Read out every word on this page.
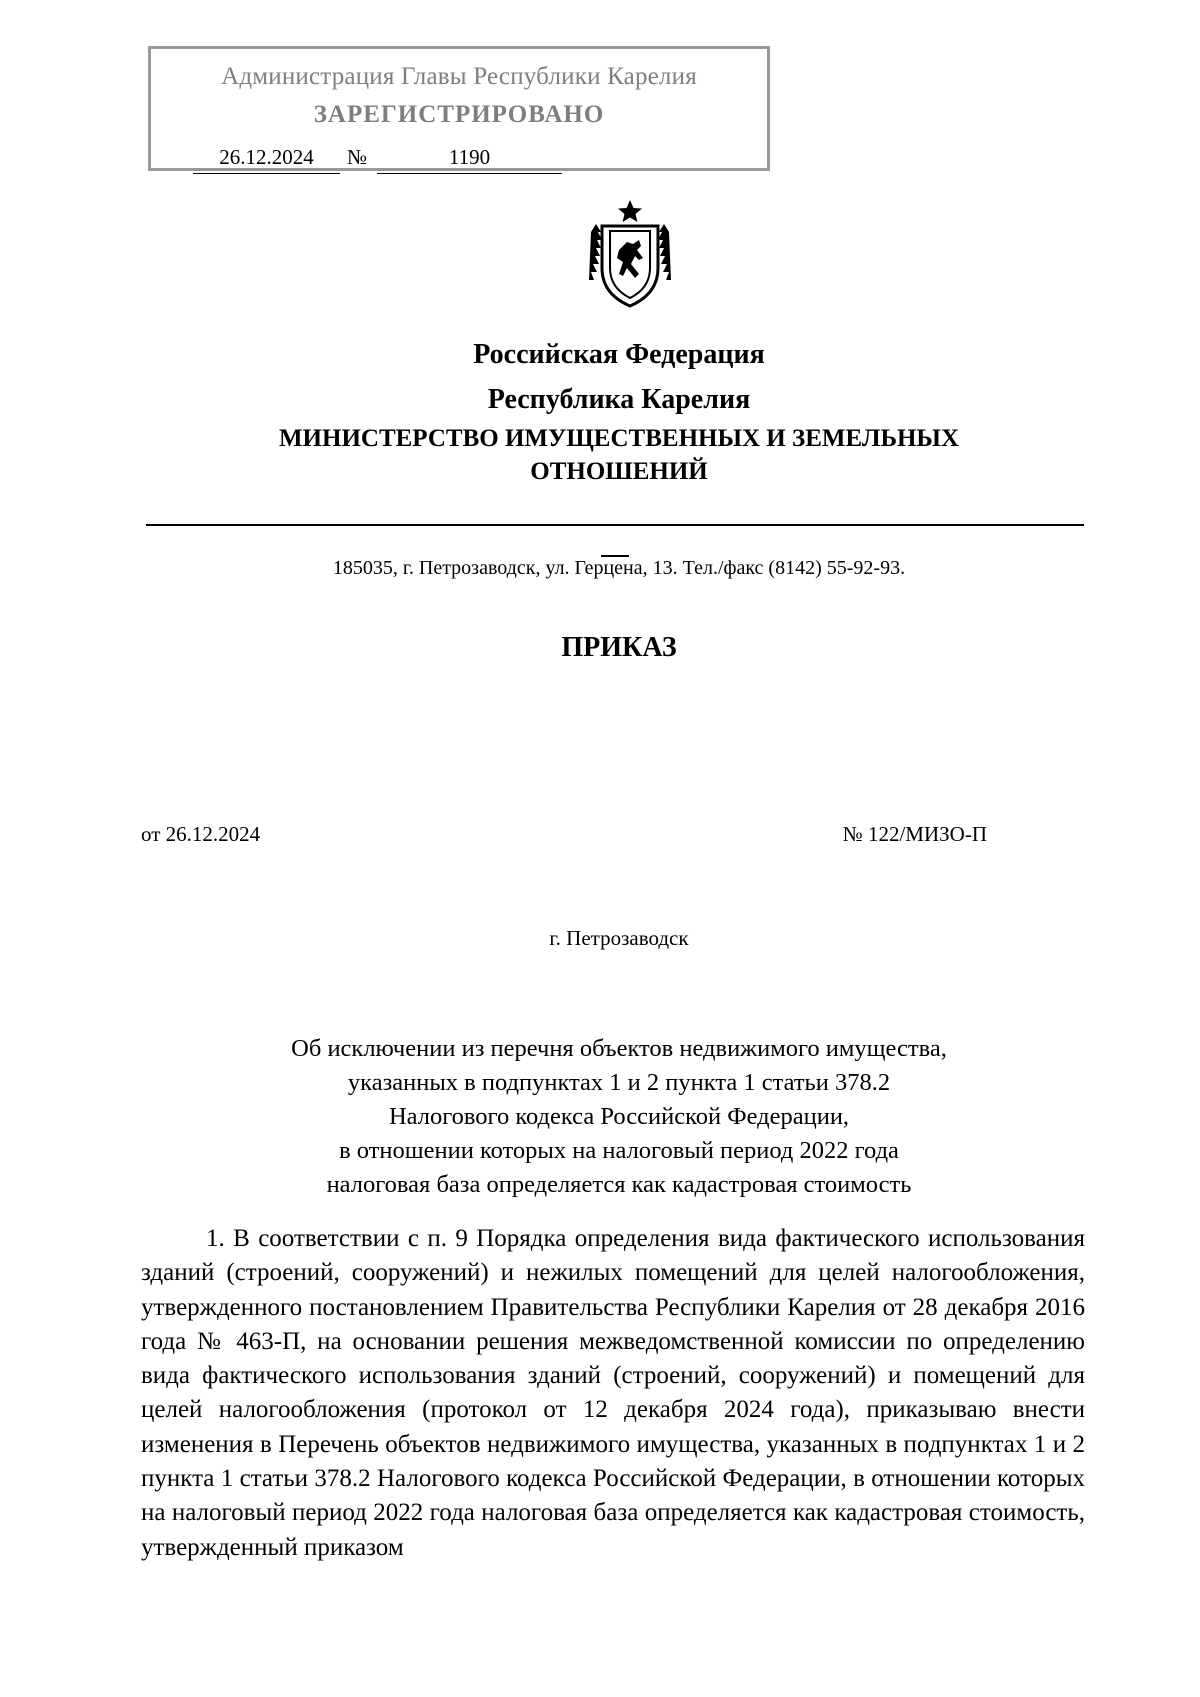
Администрация Главы Республики Карелия
ЗАРЕГИСТРИРОВАНО
26.12.2024	№	1190
Российская Федерация
Республика Карелия
МИНИСТЕРСТВО ИМУЩЕСТВЕННЫХ И ЗЕМЕЛЬНЫХ
ОТНОШЕНИЙ
185035, г. Петрозаводск, ул. Герцена, 13. Тел./факс (8142) 55-92-93.
ПРИКАЗ
от 26.12.2024	№ 122/МИЗО-П
г. Петрозаводск
Об исключении из перечня объектов недвижимого имущества,
указанных в подпунктах 1 и 2 пункта 1 статьи 378.2
Налогового кодекса Российской Федерации,
в отношении которых на налоговый период 2022 года
налоговая база определяется как кадастровая стоимость

1. В соответствии с п. 9 Порядка определения вида фактического использования зданий (строений, сооружений) и нежилых помещений для целей налогообложения, утвержденного постановлением Правительства Республики Карелия от 28 декабря 2016 года № 463-П, на основании решения межведомственной комиссии по определению вида фактического использования зданий (строений, сооружений) и помещений для целей налогообложения (протокол от 12 декабря 2024 года), приказываю внести изменения в Перечень объектов недвижимого имущества, указанных в подпунктах 1 и 2 пункта 1 статьи 378.2 Налогового кодекса Российской Федерации, в отношении которых на налоговый период 2022 года налоговая база определяется как кадастровая стоимость, утвержденный приказом
